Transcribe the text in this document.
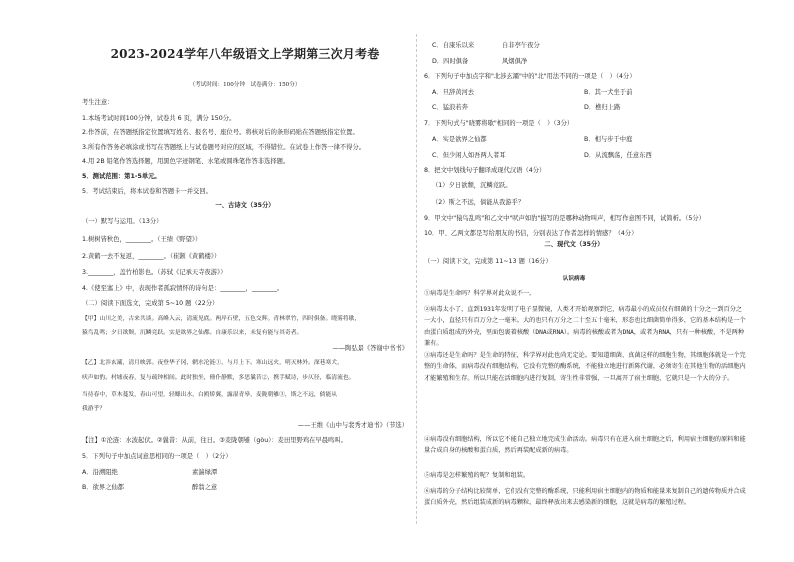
2023-2024学年八年级语文上学期第三次月考卷
（考试时间：100分钟　试卷满分：150分）
考生注意：
1.本场考试时间100分钟，试卷共 6 页，满分 150分。
2.作答前，在答题纸指定位置填写姓名、报名号、座位号。将核对后的条形码贴在答题纸指定位置。
3.所有作答务必填涂或书写在答题纸上与试卷题号对应的区域，不得错位。在试卷上作答一律不得分。
4.用 2B 铅笔作答选择题，用黑色字迹钢笔、水笔或圆珠笔作答非选择题。
5．测试范围：第1-5单元。
5．考试结束后，将本试卷和答题卡一并交回。
一、古诗文（35分）
（一）默写与运用。（13分）
1.树树皆秋色，________。（王绩《野望》）
2.黄鹤一去不复返，________。（崔颢《黄鹤楼》）
3.________，盖竹柏影也。（苏轼《记承天寺夜游》）
4.《使至塞上》中，表现作者孤寂情怀的诗句是：________，________。
（二）阅读下面选文，完成第 5~10 题（22分）
【甲】山川之美，古来共谈。高峰入云，清流见底。两岸石壁，五色交辉。青林翠竹，四时俱备。晓雾将歇，
猿鸟乱鸣；夕日欲颓，沉鳞竞跃。实是欲界之仙都。自康乐以来，未复有能与其奇者。
——陶弘景《答谢中书书》
【乙】北涉玄灞，清月映郭。夜登华子冈，辋水沦涟①，与月上下。寒山远火，明灭林外。深巷寒犬，
吠声如豹。村墟夜舂，复与疏钟相间。此时独坐，僮仆静默，多思曩昔②，携手赋诗，步仄径，临清流也。
当待春中，草木蔓发，春山可望，轻鲦出水，白鸥矫翼，露湿青皋，麦陇朝雊③，斯之不远，倘能从
我游乎？
——王维《山中与裴秀才迪书》（节选）
【注】①沦涟：水波起伏。②曩昔：从前，往日。③麦陇朝雊（gòu）：麦田里野鸡在早晨鸣叫。
5．下列句子中加点词意思相同的一项是（　）（2分）
A．沿溯阻绝	素湍绿潭
B．欲界之仙都	醉翁之意
C．自康乐以来	自非亭午夜分
D．四时俱备	风烟俱净
6．下列句子中加点字和"北涉玄灞"中的"北"用法不同的一项是（　）（4分）
A．旦辞黄河去	B．其一犬坐于前
C．猛浪若奔	D．樵归上路
7．下列句式与"晓雾将歇"相同的一项是（　）（3分）
A．实是欲界之仙都	B．相与步于中庭
C．但少闲人如吾两人者耳	D．从流飘荡，任意东西
8．把文中划线句子翻译成现代汉语（4分）
（1）夕日欲颓，沉鳞竞跃。
（2）斯之不远，倘能从我游乎？
9．甲文中"猿鸟乱鸣"和乙文中"吠声如豹"描写的是哪种动物叫声，相写作意图不同，试简析。（5分）
10．甲、乙两文都是写给朋友的书信，分别表达了作者怎样的情感？（4分）
二、现代文（35分）
（一）阅读下文，完成第 11~13 题（16分）
认识病毒
①病毒是生命吗？科学界对此众说不一。
②病毒太小了，直到1931年发明了电子显微镜，人类才开始观察到它，病毒最小的成员仅有细菌的十分之一到百分之一大小，直径只有百万分之一毫米。大的也只有万分之二十至五十毫米，形态也比细菌简单得多，它的基本结构是一个由蛋白质组成的外壳，里面包裹着核酸（DNA或RNA）。病毒的核酸或者为DNA，或者为RNA，只有一种核酸，不是两种兼有。
③病毒还是生命吗？是生命的特征，科学界对此也尚无定论。要知道细菌、真菌这样的细胞生物，其细胞体就是一个完整的生命体，而病毒没有细胞结构，它没有完整的酶系统，不能独立地进行新陈代谢，必须寄生在其他生物的活细胞内才能繁殖和生存。所以只能在活细胞内进行复制，寄生性非常强，一旦离开了宿主细胞，它就只是一个大的分子。
④病毒没有细胞结构，所以它不能自己独立地完成生命活动。病毒只有在进入宿主细胞之后，利用宿主细胞的原料和能量合成自身的核酸和蛋白质，然后再装配成新的病毒。
⑤病毒是怎样繁殖的呢？复制和组装。
⑥病毒的分子结构比较简单，它们没有完整的酶系统，只能利用宿主细胞内的物质和能量来复制自己的遗传物质并合成蛋白质外壳，然后组装成新的病毒颗粒，最终释放出来去感染新的细胞，这就是病毒的繁殖过程。
